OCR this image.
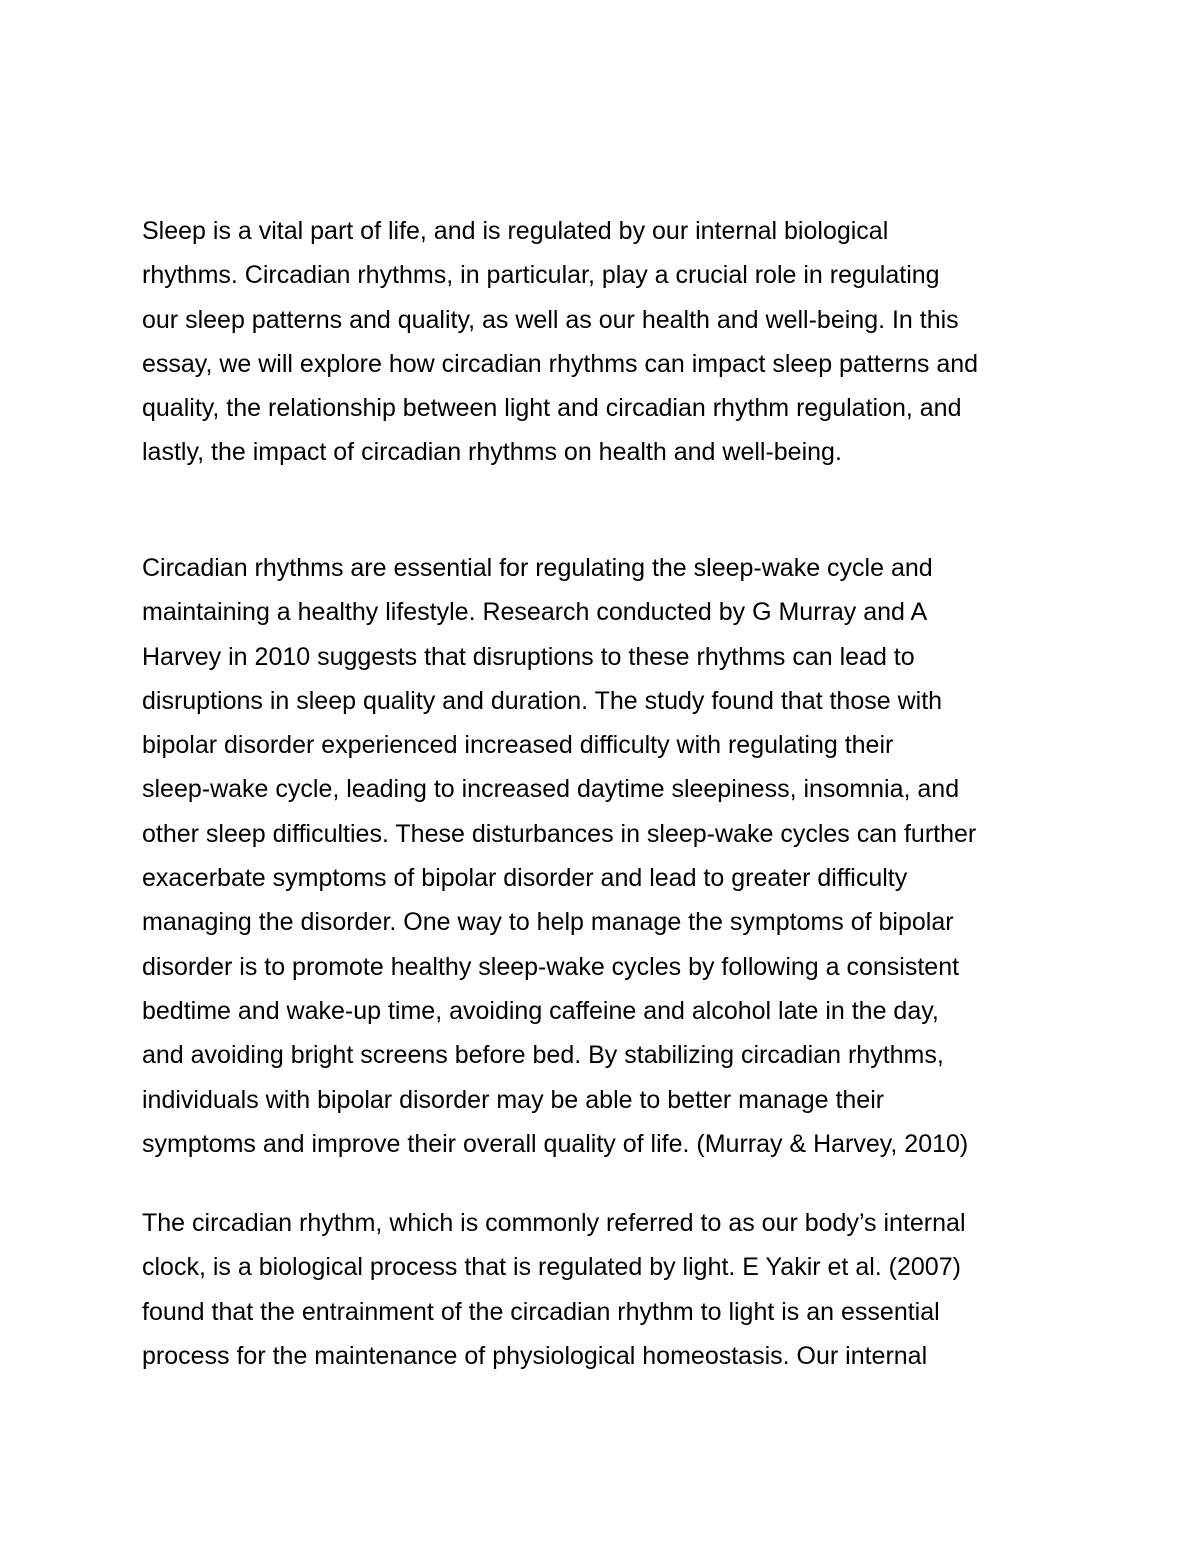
Sleep is a vital part of life, and is regulated by our internal biological
rhythms. Circadian rhythms, in particular, play a crucial role in regulating
our sleep patterns and quality, as well as our health and well-being. In this
essay, we will explore how circadian rhythms can impact sleep patterns and
quality, the relationship between light and circadian rhythm regulation, and
lastly, the impact of circadian rhythms on health and well-being.

Circadian rhythms are essential for regulating the sleep-wake cycle and
maintaining a healthy lifestyle. Research conducted by G Murray and A
Harvey in 2010 suggests that disruptions to these rhythms can lead to
disruptions in sleep quality and duration. The study found that those with
bipolar disorder experienced increased difficulty with regulating their
sleep-wake cycle, leading to increased daytime sleepiness, insomnia, and
other sleep difficulties. These disturbances in sleep-wake cycles can further
exacerbate symptoms of bipolar disorder and lead to greater difficulty
managing the disorder. One way to help manage the symptoms of bipolar
disorder is to promote healthy sleep-wake cycles by following a consistent
bedtime and wake-up time, avoiding caffeine and alcohol late in the day,
and avoiding bright screens before bed. By stabilizing circadian rhythms,
individuals with bipolar disorder may be able to better manage their
symptoms and improve their overall quality of life. (Murray & Harvey, 2010)

The circadian rhythm, which is commonly referred to as our body’s internal
clock, is a biological process that is regulated by light. E Yakir et al. (2007)
found that the entrainment of the circadian rhythm to light is an essential
process for the maintenance of physiological homeostasis. Our internal
